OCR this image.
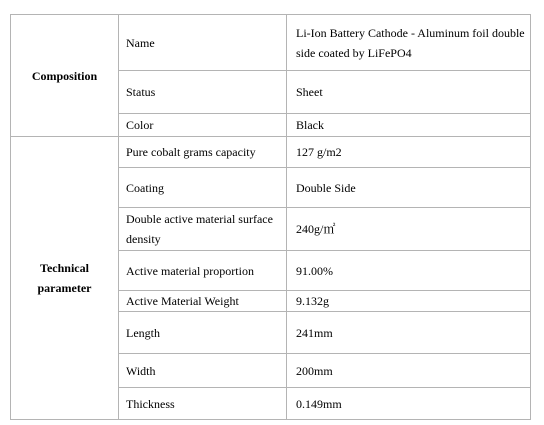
Composition	Name	Li-Ion Battery Cathode - Aluminum foil double side coated by LiFePO4
	Status	Sheet
	Color	Black
Technical parameter	Pure cobalt grams capacity	127 g/m2
	Coating	Double Side
	Double active material surface density	240g/㎡
	Active material proportion	91.00%
	Active Material Weight	9.132g
	Length	241mm
	Width	200mm
	Thickness	0.149mm
